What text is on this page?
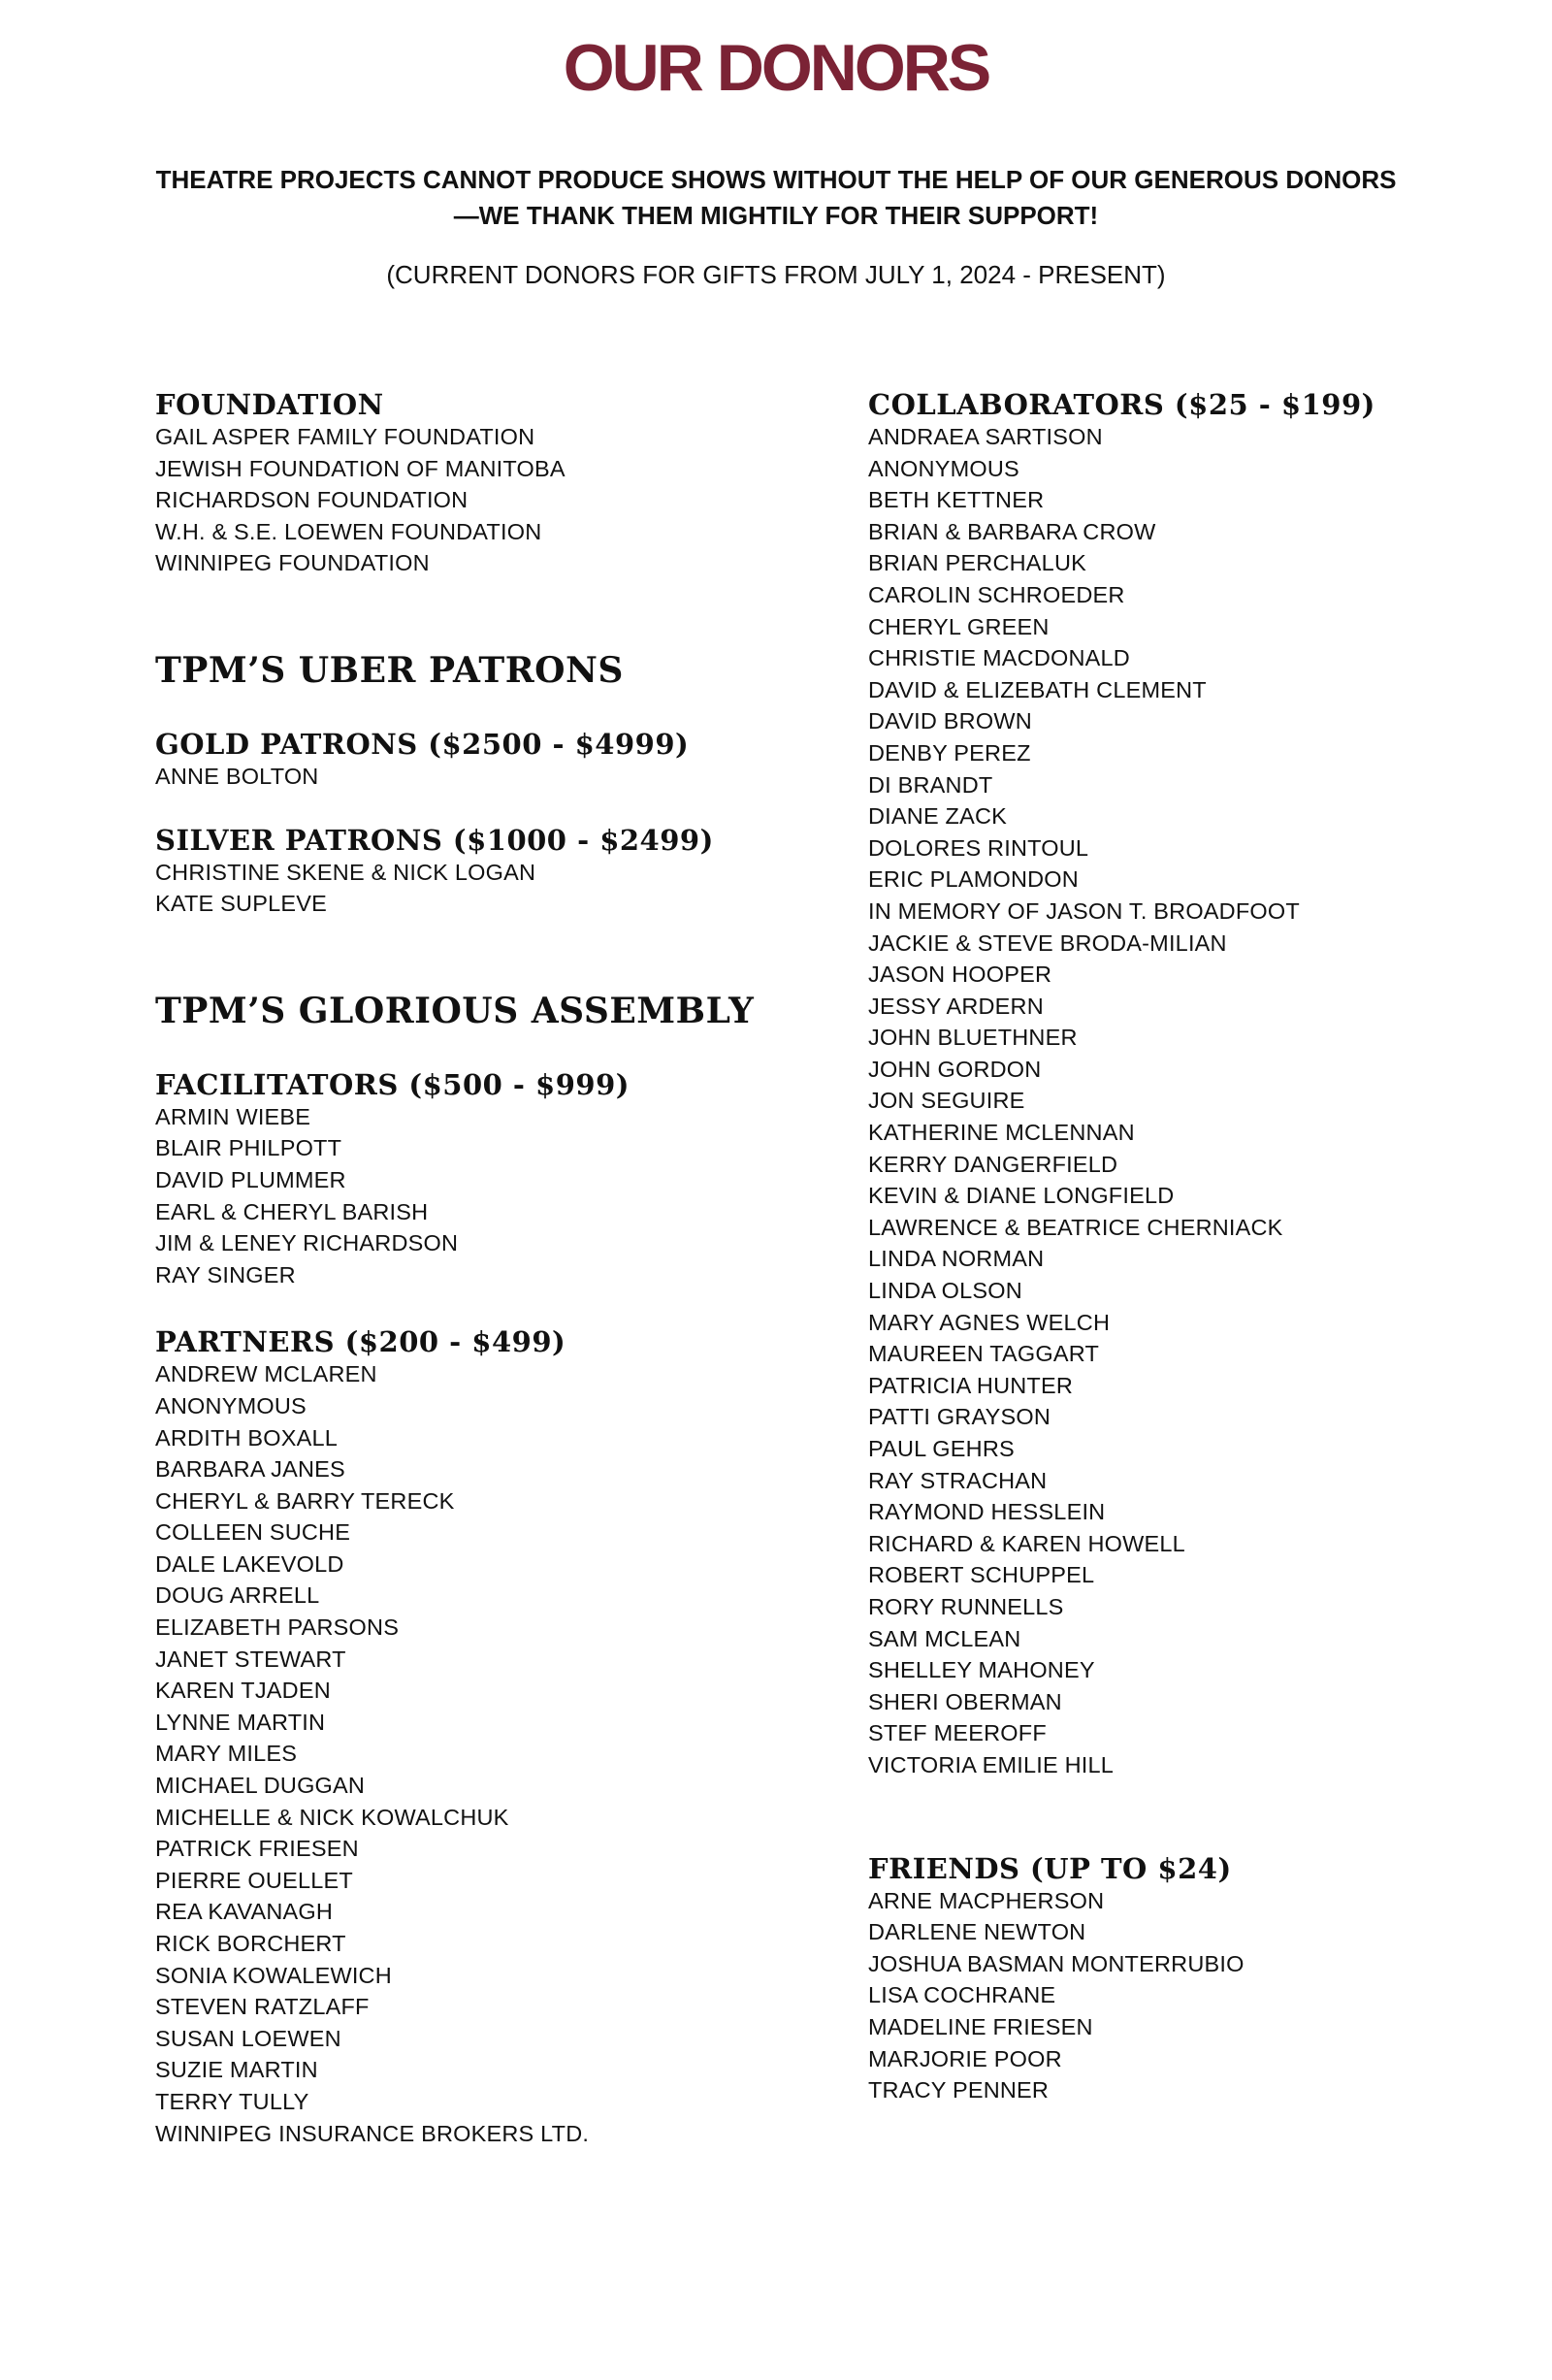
OUR DONORS
THEATRE PROJECTS CANNOT PRODUCE SHOWS WITHOUT THE HELP OF OUR GENEROUS DONORS—WE THANK THEM MIGHTILY FOR THEIR SUPPORT!
(CURRENT DONORS FOR GIFTS FROM JULY 1, 2024 - PRESENT)
FOUNDATION
GAIL ASPER FAMILY FOUNDATION
JEWISH FOUNDATION OF MANITOBA
RICHARDSON FOUNDATION
W.H. & S.E. LOEWEN FOUNDATION
WINNIPEG FOUNDATION
TPM’S UBER PATRONS
GOLD PATRONS ($2500 - $4999)
ANNE BOLTON
SILVER PATRONS ($1000 - $2499)
CHRISTINE SKENE & NICK LOGAN
KATE SUPLEVE
TPM’S GLORIOUS ASSEMBLY
FACILITATORS ($500 - $999)
ARMIN WIEBE
BLAIR PHILPOTT
DAVID PLUMMER
EARL & CHERYL BARISH
JIM & LENEY RICHARDSON
RAY SINGER
PARTNERS ($200 - $499)
ANDREW MCLAREN
ANONYMOUS
ARDITH BOXALL
BARBARA JANES
CHERYL & BARRY TERECK
COLLEEN SUCHE
DALE LAKEVOLD
DOUG ARRELL
ELIZABETH PARSONS
JANET STEWART
KAREN TJADEN
LYNNE MARTIN
MARY MILES
MICHAEL DUGGAN
MICHELLE & NICK KOWALCHUK
PATRICK FRIESEN
PIERRE OUELLET
REA KAVANAGH
RICK BORCHERT
SONIA KOWALEWICH
STEVEN RATZLAFF
SUSAN LOEWEN
SUZIE MARTIN
TERRY TULLY
WINNIPEG INSURANCE BROKERS LTD.
COLLABORATORS ($25 - $199)
ANDRAEA SARTISON
ANONYMOUS
BETH KETTNER
BRIAN & BARBARA CROW
BRIAN PERCHALUK
CAROLIN SCHROEDER
CHERYL GREEN
CHRISTIE MACDONALD
DAVID & ELIZEBATH CLEMENT
DAVID BROWN
DENBY PEREZ
DI BRANDT
DIANE ZACK
DOLORES RINTOUL
ERIC PLAMONDON
IN MEMORY OF JASON T. BROADFOOT
JACKIE & STEVE BRODA-MILIAN
JASON HOOPER
JESSY ARDERN
JOHN BLUETHNER
JOHN GORDON
JON SEGUIRE
KATHERINE MCLENNAN
KERRY DANGERFIELD
KEVIN & DIANE LONGFIELD
LAWRENCE & BEATRICE CHERNIACK
LINDA NORMAN
LINDA OLSON
MARY AGNES WELCH
MAUREEN TAGGART
PATRICIA HUNTER
PATTI GRAYSON
PAUL GEHRS
RAY STRACHAN
RAYMOND HESSLEIN
RICHARD & KAREN HOWELL
ROBERT SCHUPPEL
RORY RUNNELLS
SAM MCLEAN
SHELLEY MAHONEY
SHERI OBERMAN
STEF MEEROFF
VICTORIA EMILIE HILL
FRIENDS (UP TO $24)
ARNE MACPHERSON
DARLENE NEWTON
JOSHUA BASMAN MONTERRUBIO
LISA COCHRANE
MADELINE FRIESEN
MARJORIE POOR
TRACY PENNER
